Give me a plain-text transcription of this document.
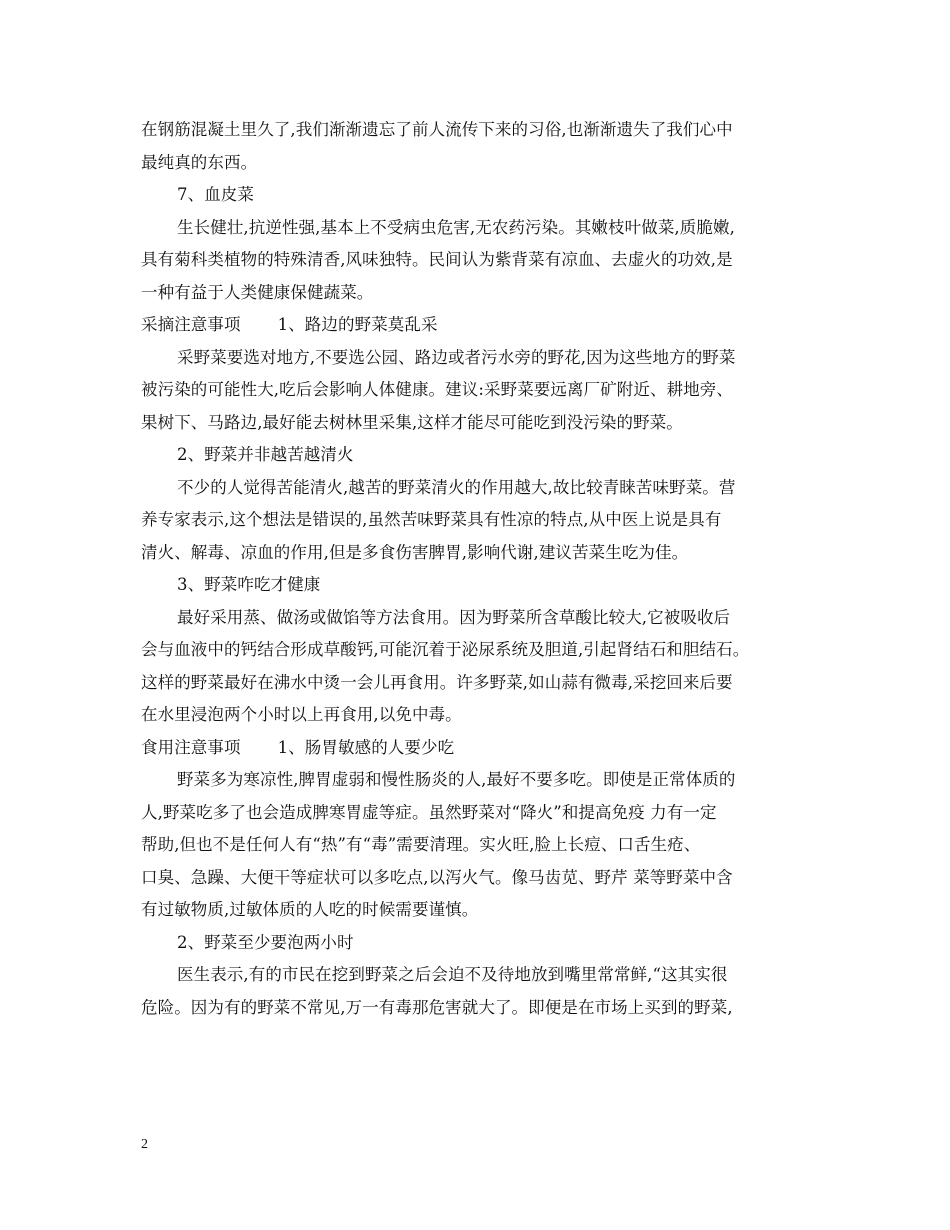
在钢筋混凝土里久了,我们渐渐遗忘了前人流传下来的习俗,也渐渐遗失了我们心中
最纯真的东西。
7、血皮菜
生长健壮,抗逆性强,基本上不受病虫危害,无农药污染。其嫩枝叶做菜,质脆嫩,
具有菊科类植物的特殊清香,风味独特。民间认为紫背菜有凉血、去虚火的功效,是
一种有益于人类健康保健蔬菜。
采摘注意事项 1、路边的野菜莫乱采
采野菜要选对地方,不要选公园、路边或者污水旁的野花,因为这些地方的野菜
被污染的可能性大,吃后会影响人体健康。建议:采野菜要远离厂矿附近、耕地旁、
果树下、马路边,最好能去树林里采集,这样才能尽可能吃到没污染的野菜。
2、野菜并非越苦越清火
不少的人觉得苦能清火,越苦的野菜清火的作用越大,故比较青睐苦味野菜。营
养专家表示,这个想法是错误的,虽然苦味野菜具有性凉的特点,从中医上说是具有
清火、解毒、凉血的作用,但是多食伤害脾胃,影响代谢,建议苦菜生吃为佳。
3、野菜咋吃才健康
最好采用蒸、做汤或做馅等方法食用。因为野菜所含草酸比较大,它被吸收后
会与血液中的钙结合形成草酸钙,可能沉着于泌尿系统及胆道,引起肾结石和胆结石。
这样的野菜最好在沸水中烫一会儿再食用。许多野菜,如山蒜有微毒,采挖回来后要
在水里浸泡两个小时以上再食用,以免中毒。
食用注意事项 1、肠胃敏感的人要少吃
野菜多为寒凉性,脾胃虚弱和慢性肠炎的人,最好不要多吃。即使是正常体质的
人,野菜吃多了也会造成脾寒胃虚等症。虽然野菜对“降火”和提高免疫 力有一定
帮助,但也不是任何人有“热”有“毒”需要清理。实火旺,脸上长痘、口舌生疮、
口臭、急躁、大便干等症状可以多吃点,以泻火气。像马齿苋、野芹 菜等野菜中含
有过敏物质,过敏体质的人吃的时候需要谨慎。
2、野菜至少要泡两小时
医生表示,有的市民在挖到野菜之后会迫不及待地放到嘴里常常鲜,“这其实很
危险。因为有的野菜不常见,万一有毒那危害就大了。即便是在市场上买到的野菜,
2
